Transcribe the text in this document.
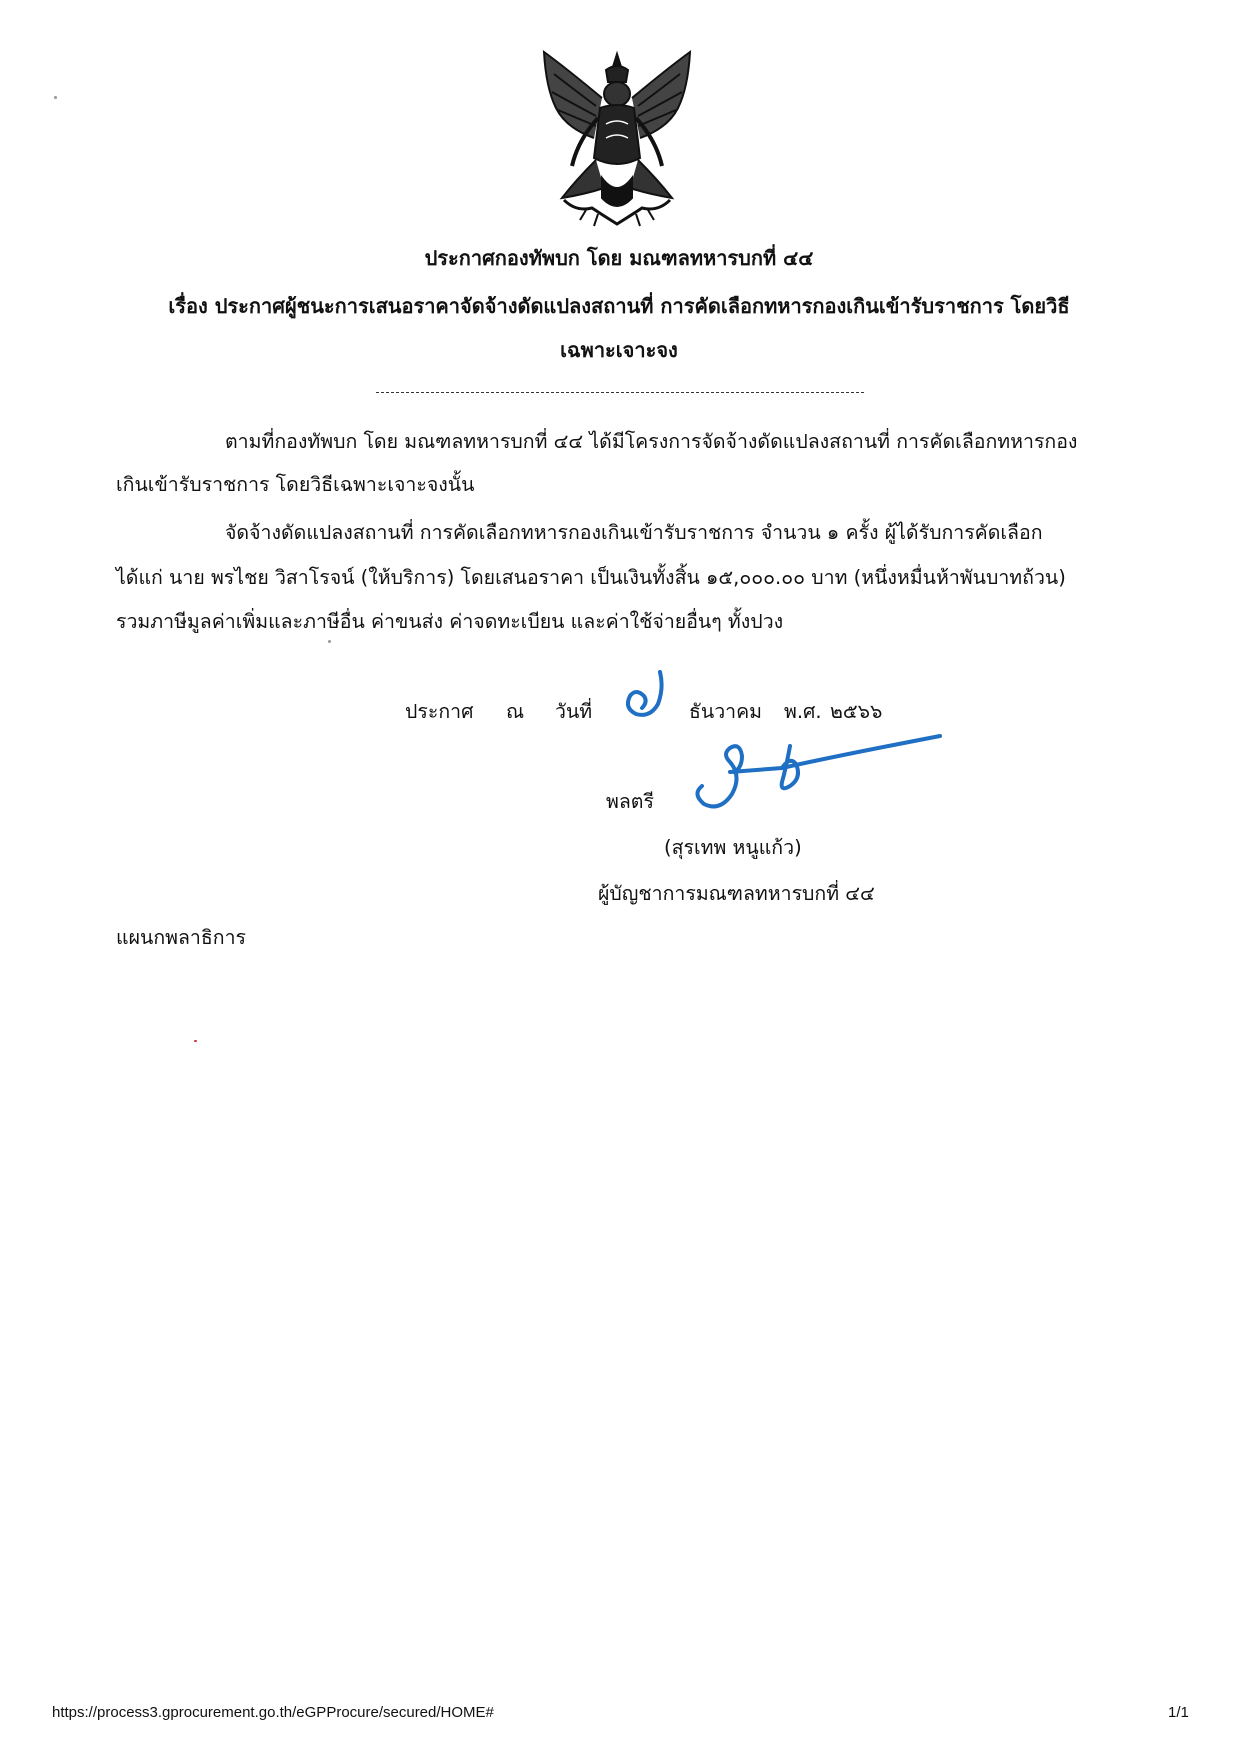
ประกาศกองทัพบก โดย มณฑลทหารบกที่ ๔๔
เรื่อง ประกาศผู้ชนะการเสนอราคาจัดจ้างดัดแปลงสถานที่ การคัดเลือกทหารกองเกินเข้ารับราชการ โดยวิธี
เฉพาะเจาะจง
ตามที่กองทัพบก โดย มณฑลทหารบกที่ ๔๔ ได้มีโครงการจัดจ้างดัดแปลงสถานที่ การคัดเลือกทหารกอง
เกินเข้ารับราชการ โดยวิธีเฉพาะเจาะจงนั้น
จัดจ้างดัดแปลงสถานที่ การคัดเลือกทหารกองเกินเข้ารับราชการ จำนวน ๑ ครั้ง ผู้ได้รับการคัดเลือก
ได้แก่ นาย พรไชย วิสาโรจน์ (ให้บริการ) โดยเสนอราคา เป็นเงินทั้งสิ้น ๑๕,๐๐๐.๐๐ บาท (หนึ่งหมื่นห้าพันบาทถ้วน)
รวมภาษีมูลค่าเพิ่มและภาษีอื่น ค่าขนส่ง ค่าจดทะเบียน และค่าใช้จ่ายอื่นๆ ทั้งปวง
ประกาศ ณ วันที่	ธันวาคม พ.ศ. ๒๕๖๖
พลตรี
(สุรเทพ หนูแก้ว)
ผู้บัญชาการมณฑลทหารบกที่ ๔๔
แผนกพลาธิการ
https://process3.gprocurement.go.th/eGPProcure/secured/HOME#	1/1
